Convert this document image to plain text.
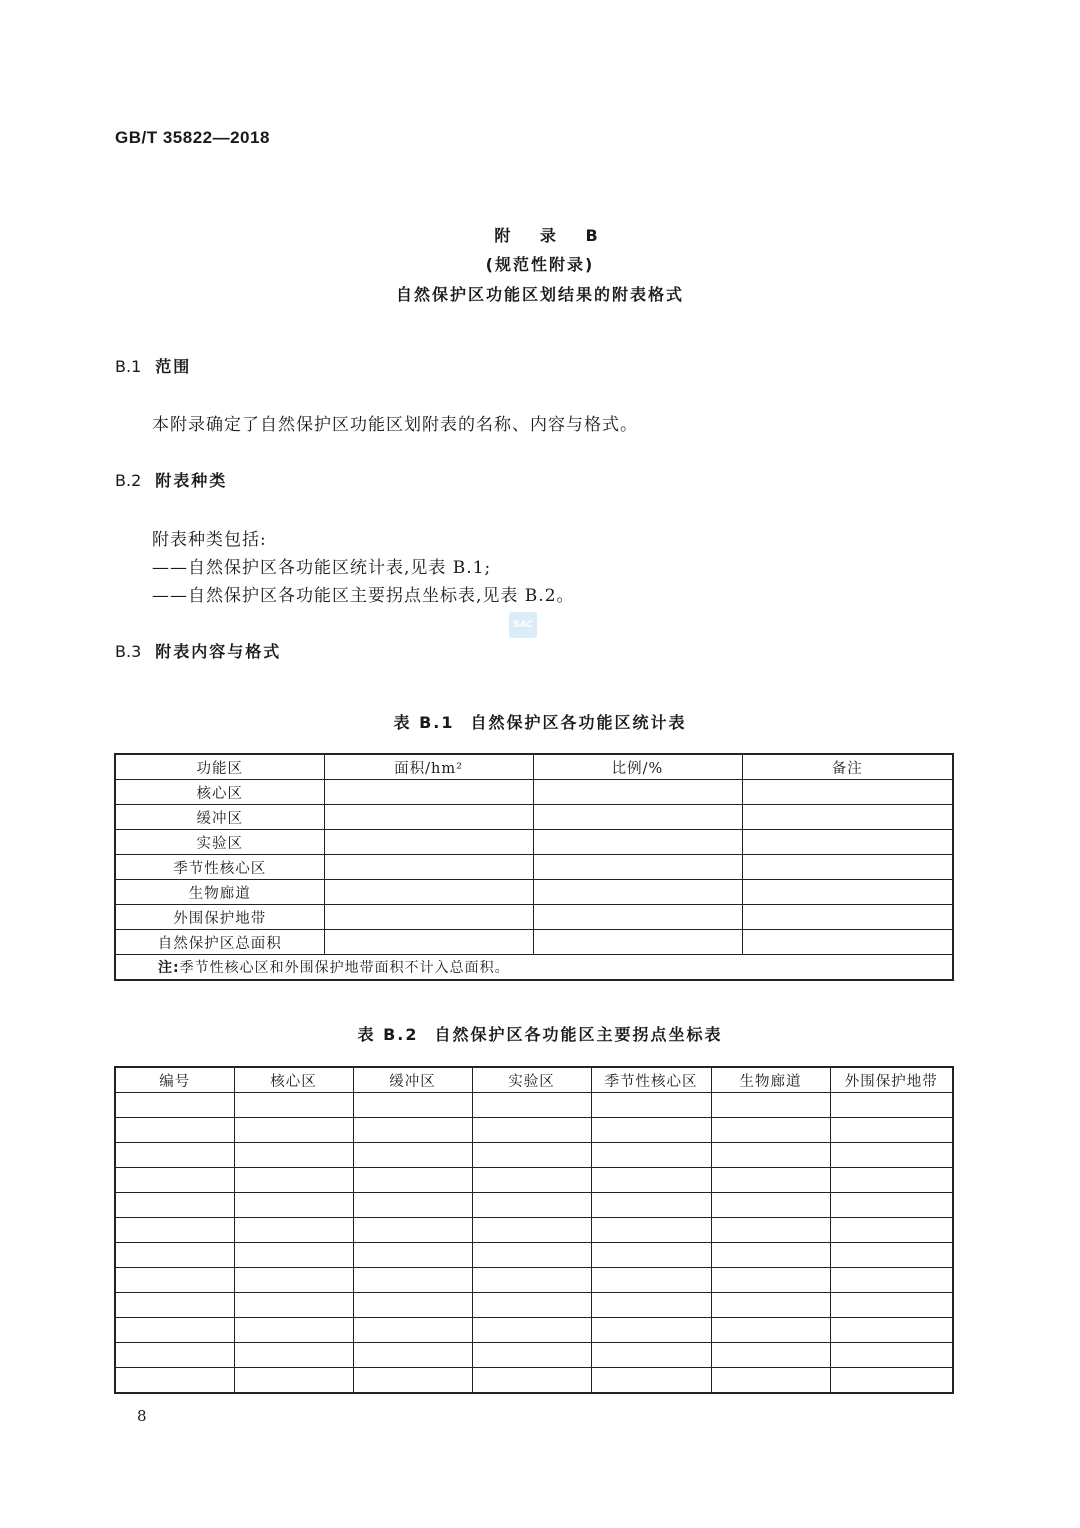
GB/T 35822—2018
附 录 B
(规范性附录)
自然保护区功能区划结果的附表格式
B.1 范围
本附录确定了自然保护区功能区划附表的名称、内容与格式。
B.2 附表种类
附表种类包括:
——自然保护区各功能区统计表,见表 B.1;
——自然保护区各功能区主要拐点坐标表,见表 B.2。
SAC
B.3 附表内容与格式
表 B.1 自然保护区各功能区统计表
功能区	面积/hm²	比例/%	备注
核心区			
缓冲区			
实验区			
季节性核心区			
生物廊道			
外围保护地带			
自然保护区总面积			
注:季节性核心区和外围保护地带面积不计入总面积。			
表 B.2 自然保护区各功能区主要拐点坐标表
编号	核心区	缓冲区	实验区	季节性核心区	生物廊道	外围保护地带

8
